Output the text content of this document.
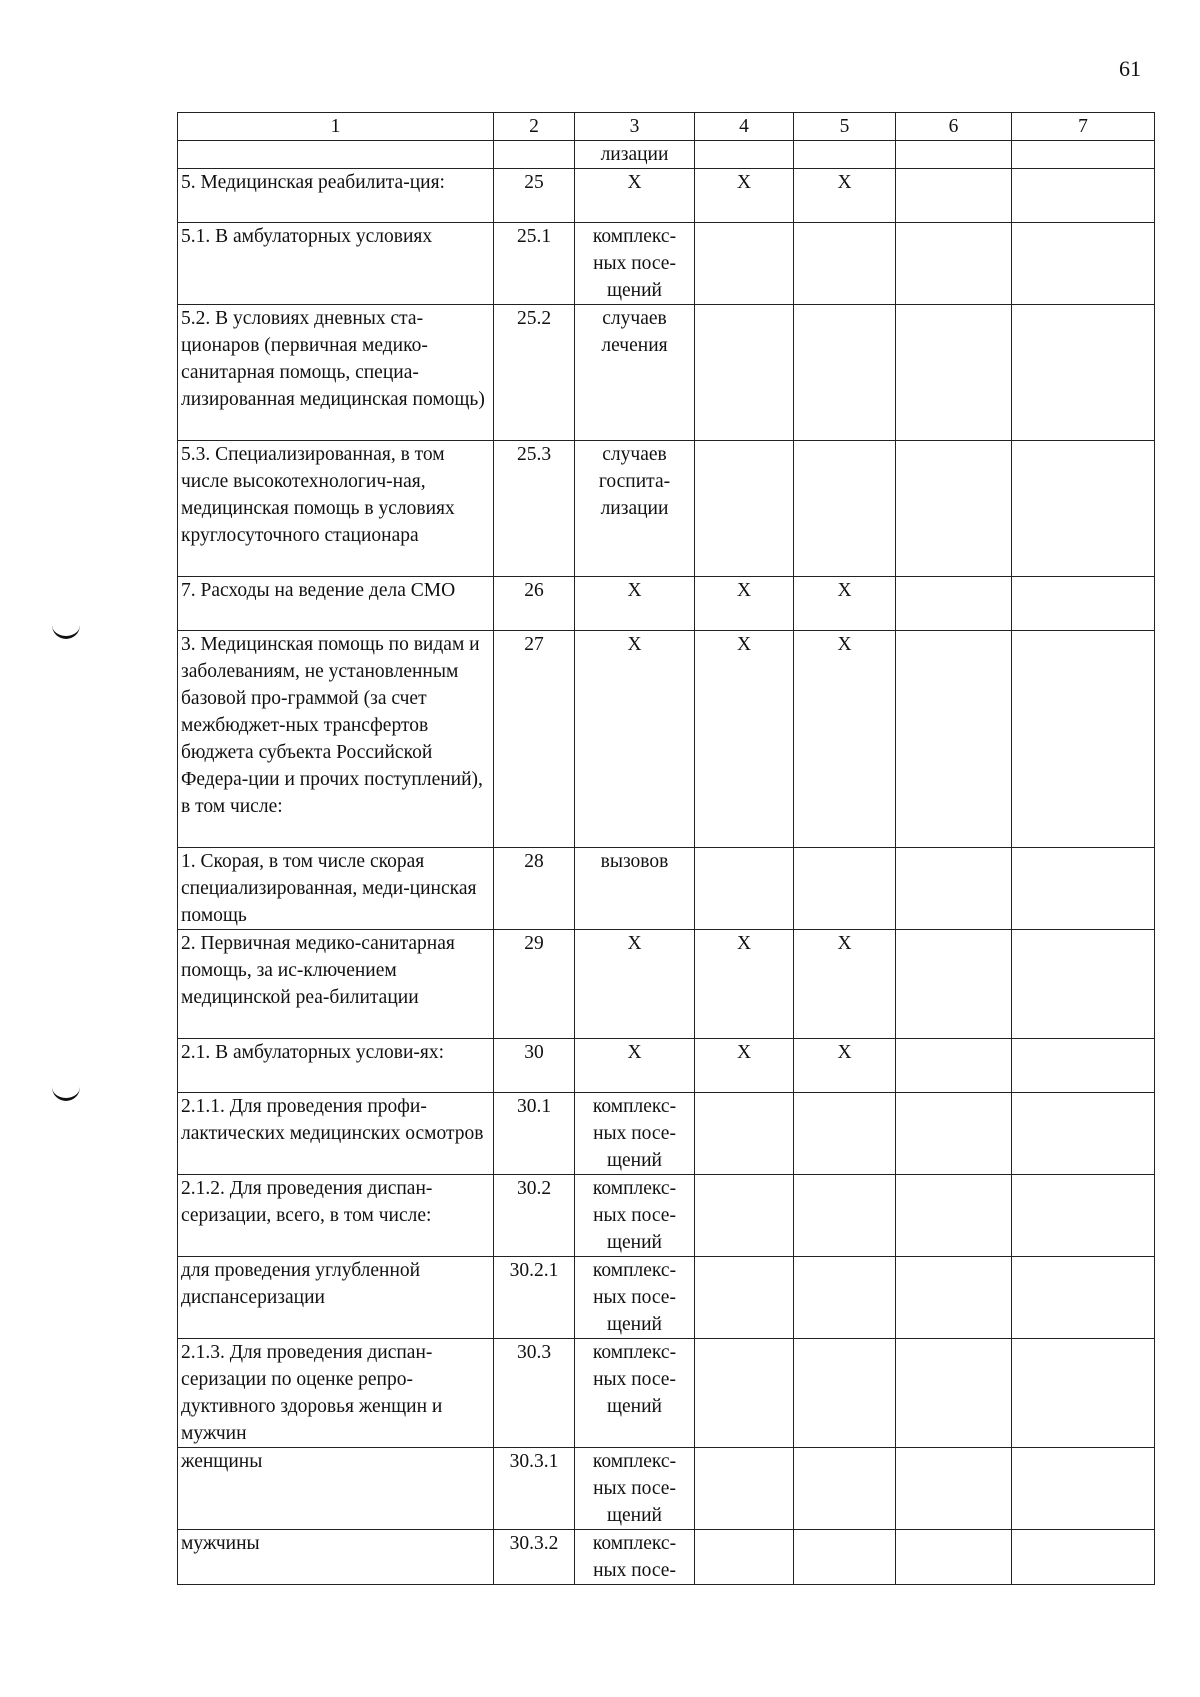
61
1	2	3	4	5	6	7
		лизации				
5. Медицинская реабилита-ция:	25	X	X	X		
5.1. В амбулаторных условиях	25.1	комплекс-ных посе-щений				
5.2. В условиях дневных ста-ционаров (первичная медико-санитарная помощь, специа-лизированная медицинская помощь)	25.2	случаев лечения				
5.3. Специализированная, в том числе высокотехнологич-ная, медицинская помощь в условиях круглосуточного стационара	25.3	случаев госпита-лизации				
7. Расходы на ведение дела СМО	26	X	X	X		
3. Медицинская помощь по видам и заболеваниям, не установленным базовой про-граммой (за счет межбюджет-ных трансфертов бюджета субъекта Российской Федера-ции и прочих поступлений), в том числе:	27	X	X	X		
1. Скорая, в том числе скорая специализированная, меди-цинская помощь	28	вызовов				
2. Первичная медико-санитарная помощь, за ис-ключением медицинской реа-билитации	29	X	X	X		
2.1. В амбулаторных услови-ях:	30	X	X	X		
2.1.1. Для проведения профи-лактических медицинских осмотров	30.1	комплекс-ных посе-щений				
2.1.2. Для проведения диспан-серизации, всего, в том числе:	30.2	комплекс-ных посе-щений				
для проведения углубленной диспансеризации	30.2.1	комплекс-ных посе-щений				
2.1.3. Для проведения диспан-серизации по оценке репро-дуктивного здоровья женщин и мужчин	30.3	комплекс-ных посе-щений				
женщины	30.3.1	комплекс-ных посе-щений				
мужчины	30.3.2	комплекс-ных посе-				
